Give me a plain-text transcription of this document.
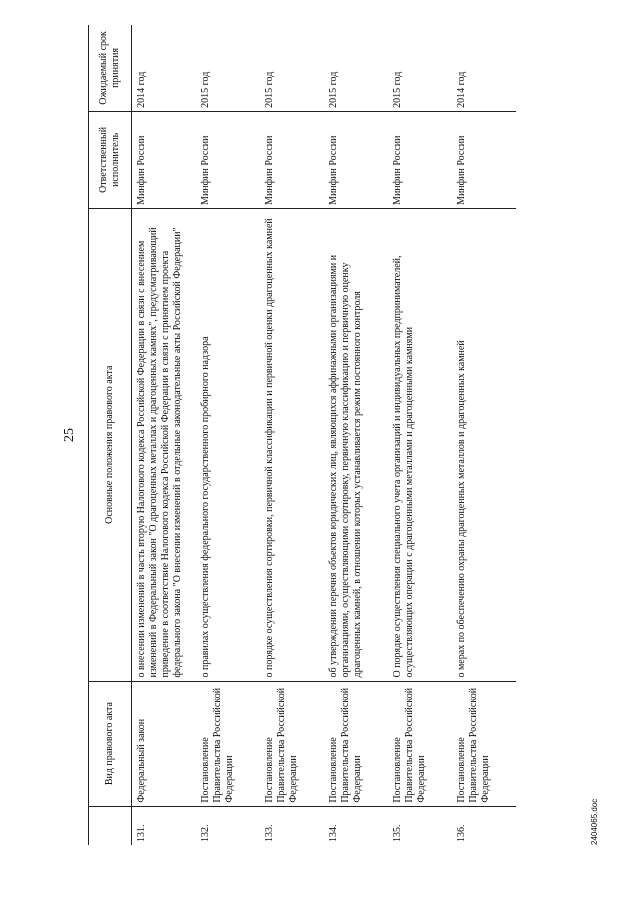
25
	Вид правового акта	Основные положения правового акта	Ответственный исполнитель	Ожидаемый срок принятия
131.	Федеральный закон	о внесении изменений в часть вторую Налогового кодекса Российской Федерации в связи с внесением изменений в Федеральный закон "О драгоценных металлах и драгоценных камнях", предусматривающий приведение в соответствие Налогового кодекса Российской Федерации в связи с принятием проекта федерального закона "О внесении изменений в отдельные законодательные акты Российской Федерации"	Минфин России	2014 год
132.	Постановление Правительства Российской Федерации	о правилах осуществления федерального государственного пробирного надзора	Минфин России	2015 год
133.	Постановление Правительства Российской Федерации	о порядке осуществления сортировки, первичной классификации и первичной оценки драгоценных камней	Минфин России	2015 год
134.	Постановление Правительства Российской Федерации	об утверждении перечня объектов юридических лиц, являющихся аффинажными организациями и организациями, осуществляющими сортировку, первичную классификацию и первичную оценку драгоценных камней, в отношении которых устанавливается режим постоянного контроля	Минфин России	2015 год
135.	Постановление Правительства Российской Федерации	О порядке осуществления специального учета организаций и индивидуальных предпринимателей, осуществляющих операции с драгоценными металлами и драгоценными камнями	Минфин России	2015 год
136.	Постановление Правительства Российской Федерации	о мерах по обеспечению охраны драгоценных металлов и драгоценных камней	Минфин России	2014 год
2404065.doc
